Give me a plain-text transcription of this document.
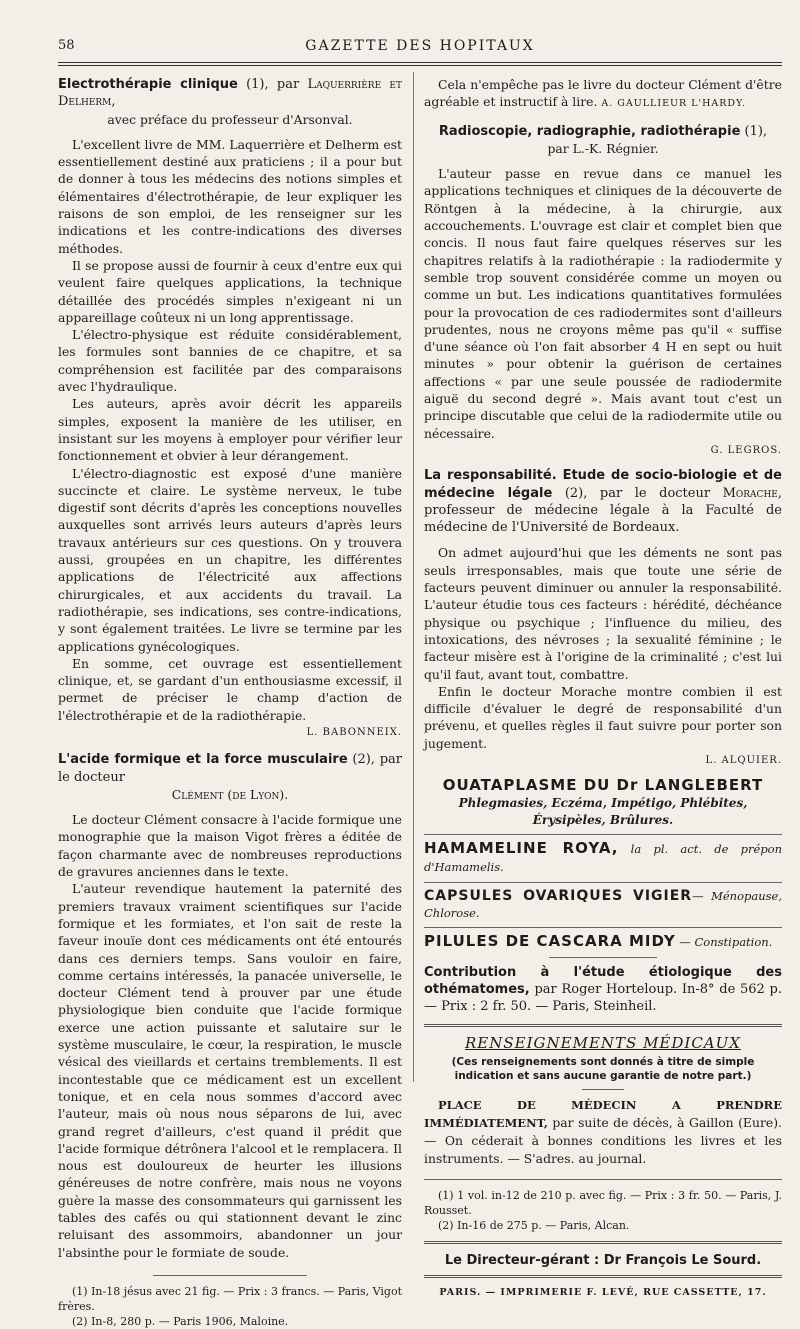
58	GAZETTE DES HOPITAUX

Electrothérapie clinique (1), par Laquerrière et Delherm,

avec préface du professeur d'Arsonval.

L'excellent livre de MM. Laquerrière et Delherm est essentiellement destiné aux praticiens ; il a pour but de donner à tous les médecins des notions simples et élémentaires d'électrothérapie, de leur expliquer les raisons de son emploi, de les renseigner sur les indications et les contre-indications des diverses méthodes.

Il se propose aussi de fournir à ceux d'entre eux qui veulent faire quelques applications, la technique détaillée des procédés simples n'exigeant ni un appareillage coûteux ni un long apprentissage.

L'électro-physique est réduite considérablement, les formules sont bannies de ce chapitre, et sa compréhension est facilitée par des comparaisons avec l'hydraulique.

Les auteurs, après avoir décrit les appareils simples, exposent la manière de les utiliser, en insistant sur les moyens à employer pour vérifier leur fonctionnement et obvier à leur dérangement.

L'électro-diagnostic est exposé d'une manière succincte et claire. Le système nerveux, le tube digestif sont décrits d'après les conceptions nouvelles auxquelles sont arrivés leurs auteurs d'après leurs travaux antérieurs sur ces questions. On y trouvera aussi, groupées en un chapitre, les différentes applications de l'électricité aux affections chirurgicales, et aux accidents du travail. La radiothérapie, ses indications, ses contre-indications, y sont également traitées. Le livre se termine par les applications gynécologiques.

En somme, cet ouvrage est essentiellement clinique, et, se gardant d'un enthousiasme excessif, il permet de préciser le champ d'action de l'électrothérapie et de la radiothérapie.

L. BABONNEIX.

L'acide formique et la force musculaire (2), par le docteur

Clément (de Lyon).

Le docteur Clément consacre à l'acide formique une monographie que la maison Vigot frères a éditée de façon charmante avec de nombreuses reproductions de gravures anciennes dans le texte.

L'auteur revendique hautement la paternité des premiers travaux vraiment scientifiques sur l'acide formique et les formiates, et l'on sait de reste la faveur inouïe dont ces médicaments ont été entourés dans ces derniers temps. Sans vouloir en faire, comme certains intéressés, la panacée universelle, le docteur Clément tend à prouver par une étude physiologique bien conduite que l'acide formique exerce une action puissante et salutaire sur le système musculaire, le cœur, la respiration, le muscle vésical des vieillards et certains tremblements. Il est incontestable que ce médicament est un excellent tonique, et en cela nous sommes d'accord avec l'auteur, mais où nous nous séparons de lui, avec grand regret d'ailleurs, c'est quand il prédit que l'acide formique détrônera l'alcool et le remplacera. Il nous est douloureux de heurter les illusions généreuses de notre confrère, mais nous ne voyons guère la masse des consommateurs qui garnissent les tables des cafés ou qui stationnent devant le zinc reluisant des assommoirs, abandonner un jour l'absinthe pour le formiate de soude.

(1) In-18 jésus avec 21 fig. — Prix : 3 francs. — Paris, Vigot frères.

(2) In-8, 280 p. — Paris 1906, Maloine.

Cela n'empêche pas le livre du docteur Clément d'être agréable et instructif à lire. A. GAULLIEUR L'HARDY.

Radioscopie, radiographie, radiothérapie (1),

par L.-K. Régnier.

L'auteur passe en revue dans ce manuel les applications techniques et cliniques de la découverte de Röntgen à la médecine, à la chirurgie, aux accouchements. L'ouvrage est clair et complet bien que concis. Il nous faut faire quelques réserves sur les chapitres relatifs à la radiothérapie : la radiodermite y semble trop souvent considérée comme un moyen ou comme un but. Les indications quantitatives formulées pour la provocation de ces radiodermites sont d'ailleurs prudentes, nous ne croyons même pas qu'il « suffise d'une séance où l'on fait absorber 4 H en sept ou huit minutes » pour obtenir la guérison de certaines affections « par une seule poussée de radiodermite aiguë du second degré ». Mais avant tout c'est un principe discutable que celui de la radiodermite utile ou nécessaire.

G. LEGROS.

La responsabilité. Etude de socio-biologie et de médecine légale (2), par le docteur Morache, professeur de médecine légale à la Faculté de médecine de l'Université de Bordeaux.

On admet aujourd'hui que les déments ne sont pas seuls irresponsables, mais que toute une série de facteurs peuvent diminuer ou annuler la responsabilité. L'auteur étudie tous ces facteurs : hérédité, déchéance physique ou psychique ; l'influence du milieu, des intoxications, des névroses ; la sexualité féminine ; le facteur misère est à l'origine de la criminalité ; c'est lui qu'il faut, avant tout, combattre.

Enfin le docteur Morache montre combien il est difficile d'évaluer le degré de responsabilité d'un prévenu, et quelles règles il faut suivre pour porter son jugement.

L. ALQUIER.

OUATAPLASME DU Dr LANGLEBERT

Phlegmasies, Eczéma, Impétigo, Phlébites, Érysipèles, Brûlures.

HAMAMELINE ROYA, la pl. act. de prépon d'Hamamelis.

CAPSULES OVARIQUES VIGIER— Ménopause, Chlorose.

PILULES DE CASCARA MIDY — Constipation.

Contribution à l'étude étiologique des othématomes, par Roger Horteloup. In-8° de 562 p. — Prix : 2 fr. 50. — Paris, Steinheil.

RENSEIGNEMENTS MÉDICAUX

(Ces renseignements sont donnés à titre de simple indication et sans aucune garantie de notre part.)

PLACE DE MÉDECIN A PRENDRE IMMÉDIATEMENT, par suite de décès, à Gaillon (Eure). — On céderait à bonnes conditions les livres et les instruments. — S'adres. au journal.

(1) 1 vol. in-12 de 210 p. avec fig. — Prix : 3 fr. 50. — Paris, J. Rousset.

(2) In-16 de 275 p. — Paris, Alcan.

Le Directeur-gérant : Dr François Le Sourd.

PARIS. — IMPRIMERIE F. LEVÉ, RUE CASSETTE, 17.
